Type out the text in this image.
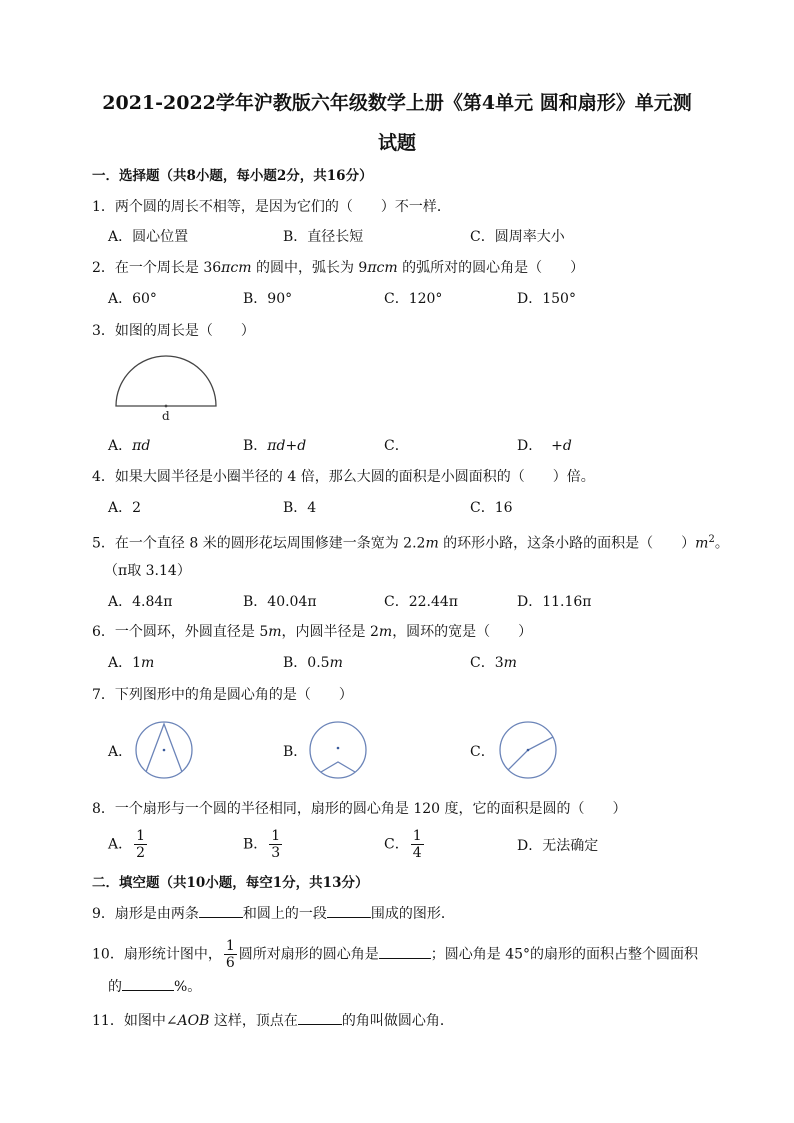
2021-2022学年沪教版六年级数学上册《第4单元 圆和扇形》单元测
试题
一．选择题（共8小题，每小题2分，共16分）
1．两个圆的周长不相等，是因为它们的（　　）不一样．
A．圆心位置	B．直径长短	C．圆周率大小
2．在一个周长是 36πcm 的圆中，弧长为 9πcm 的弧所对的圆心角是（　　）
A．60°	B．90°	C．120°	D．150°
3．如图的周长是（　　）
d
A．πd	B．πd+d	C．	D． +d
4．如果大圆半径是小圈半径的 4 倍，那么大圆的面积是小圆面积的（　　）倍。
A．2	B．4	C．16
5．在一个直径 8 米的圆形花坛周围修建一条宽为 2.2m 的环形小路，这条小路的面积是（　　）$m^2$。
（π取 3.14）
A．4.84π	B．40.04π	C．22.44π	D．11.16π
6．一个圆环，外圆直径是 5m，内圆半径是 2m，圆环的宽是（　　）
A．1m	B．0.5m	C．3m
7．下列图形中的角是圆心角的是（　　）
A．	B．	C．
8．一个扇形与一个圆的半径相同，扇形的圆心角是 120 度，它的面积是圆的（　　）
A． $\frac{1}{2}$	B． $\frac{1}{3}$	C． $\frac{1}{4}$	D．无法确定
二．填空题（共10小题，每空1分，共13分）
9．扇形是由两条	和圆上的一段	围成的图形．
10．扇形统计图中， $\frac{1}{6}$ 圆所对扇形的圆心角是	；圆心角是 45°的扇形的面积占整个圆面积
的	%。
11．如图中∠AOB 这样，顶点在	的角叫做圆心角．
